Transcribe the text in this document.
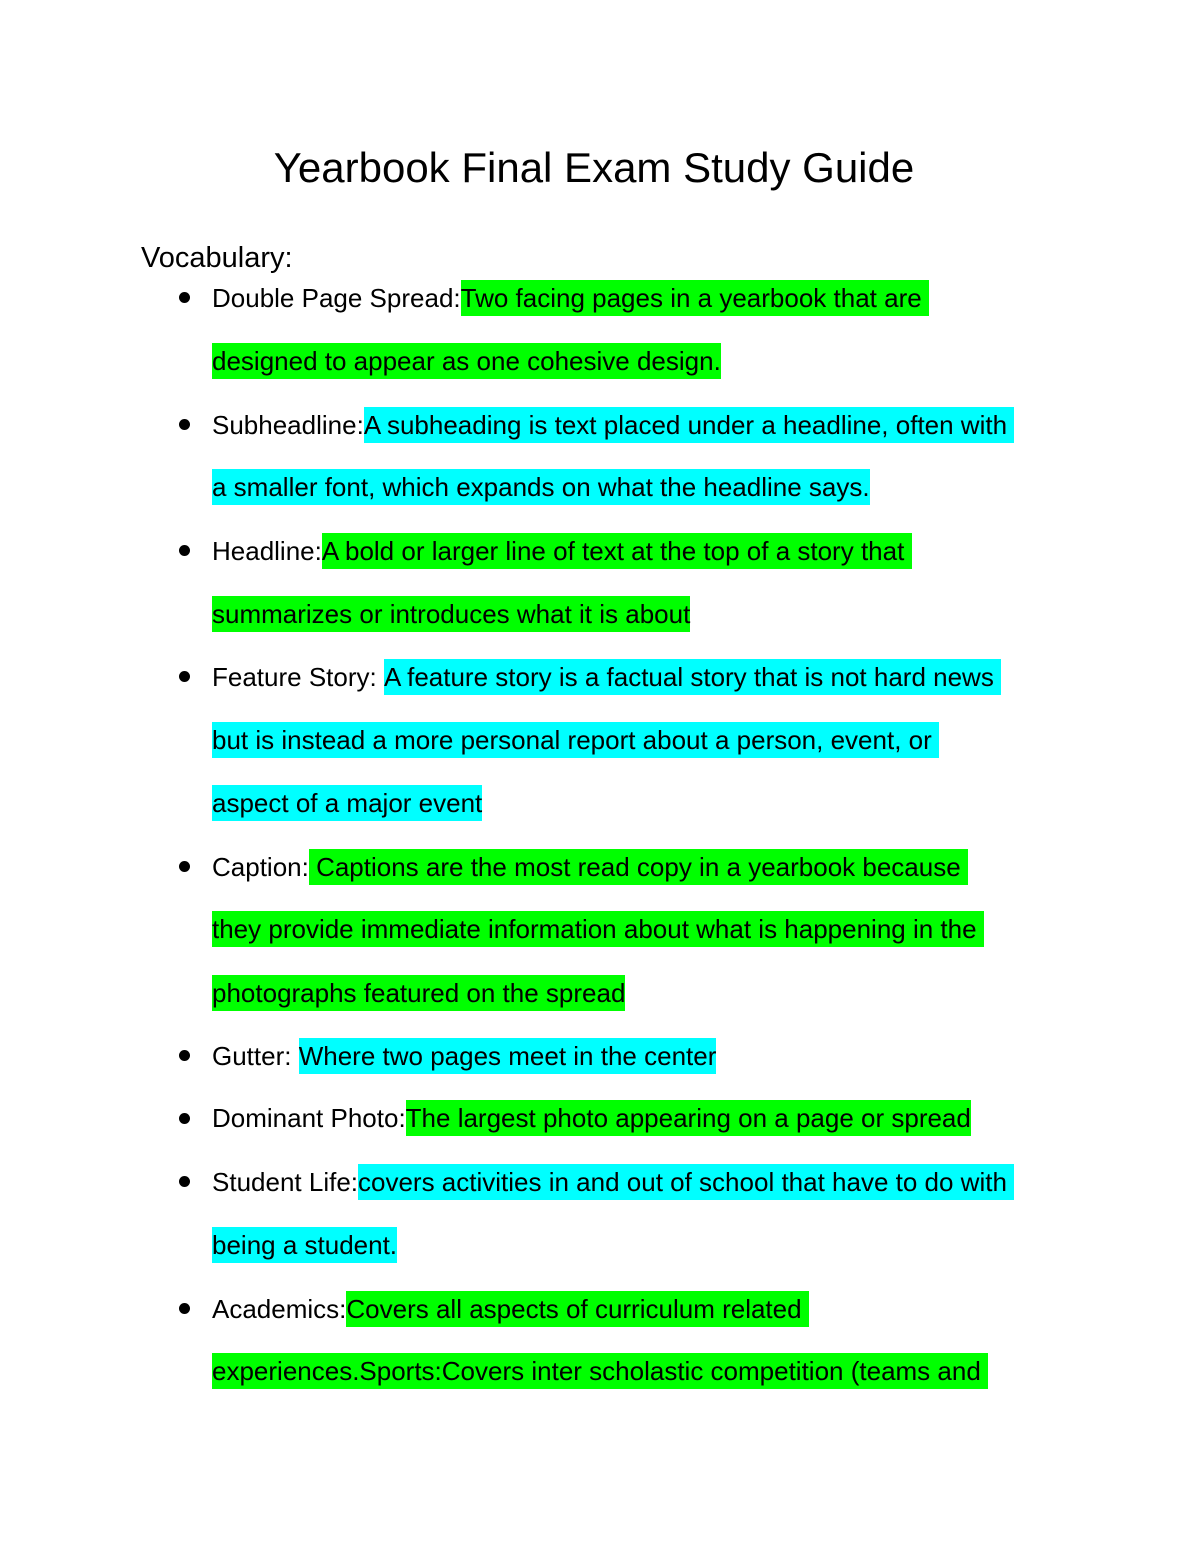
Yearbook Final Exam Study Guide
Vocabulary:
Double Page Spread:Two facing pages in a yearbook that are
designed to appear as one cohesive design.
Subheadline:A subheading is text placed under a headline, often with
a smaller font, which expands on what the headline says.
Headline:A bold or larger line of text at the top of a story that
summarizes or introduces what it is about
Feature Story: A feature story is a factual story that is not hard news
but is instead a more personal report about a person, event, or
aspect of a major event
Caption: Captions are the most read copy in a yearbook because
they provide immediate information about what is happening in the
photographs featured on the spread
Gutter: Where two pages meet in the center
Dominant Photo:The largest photo appearing on a page or spread
Student Life:covers activities in and out of school that have to do with
being a student.
Academics:Covers all aspects of curriculum related
experiences.Sports:Covers inter scholastic competition (teams and
